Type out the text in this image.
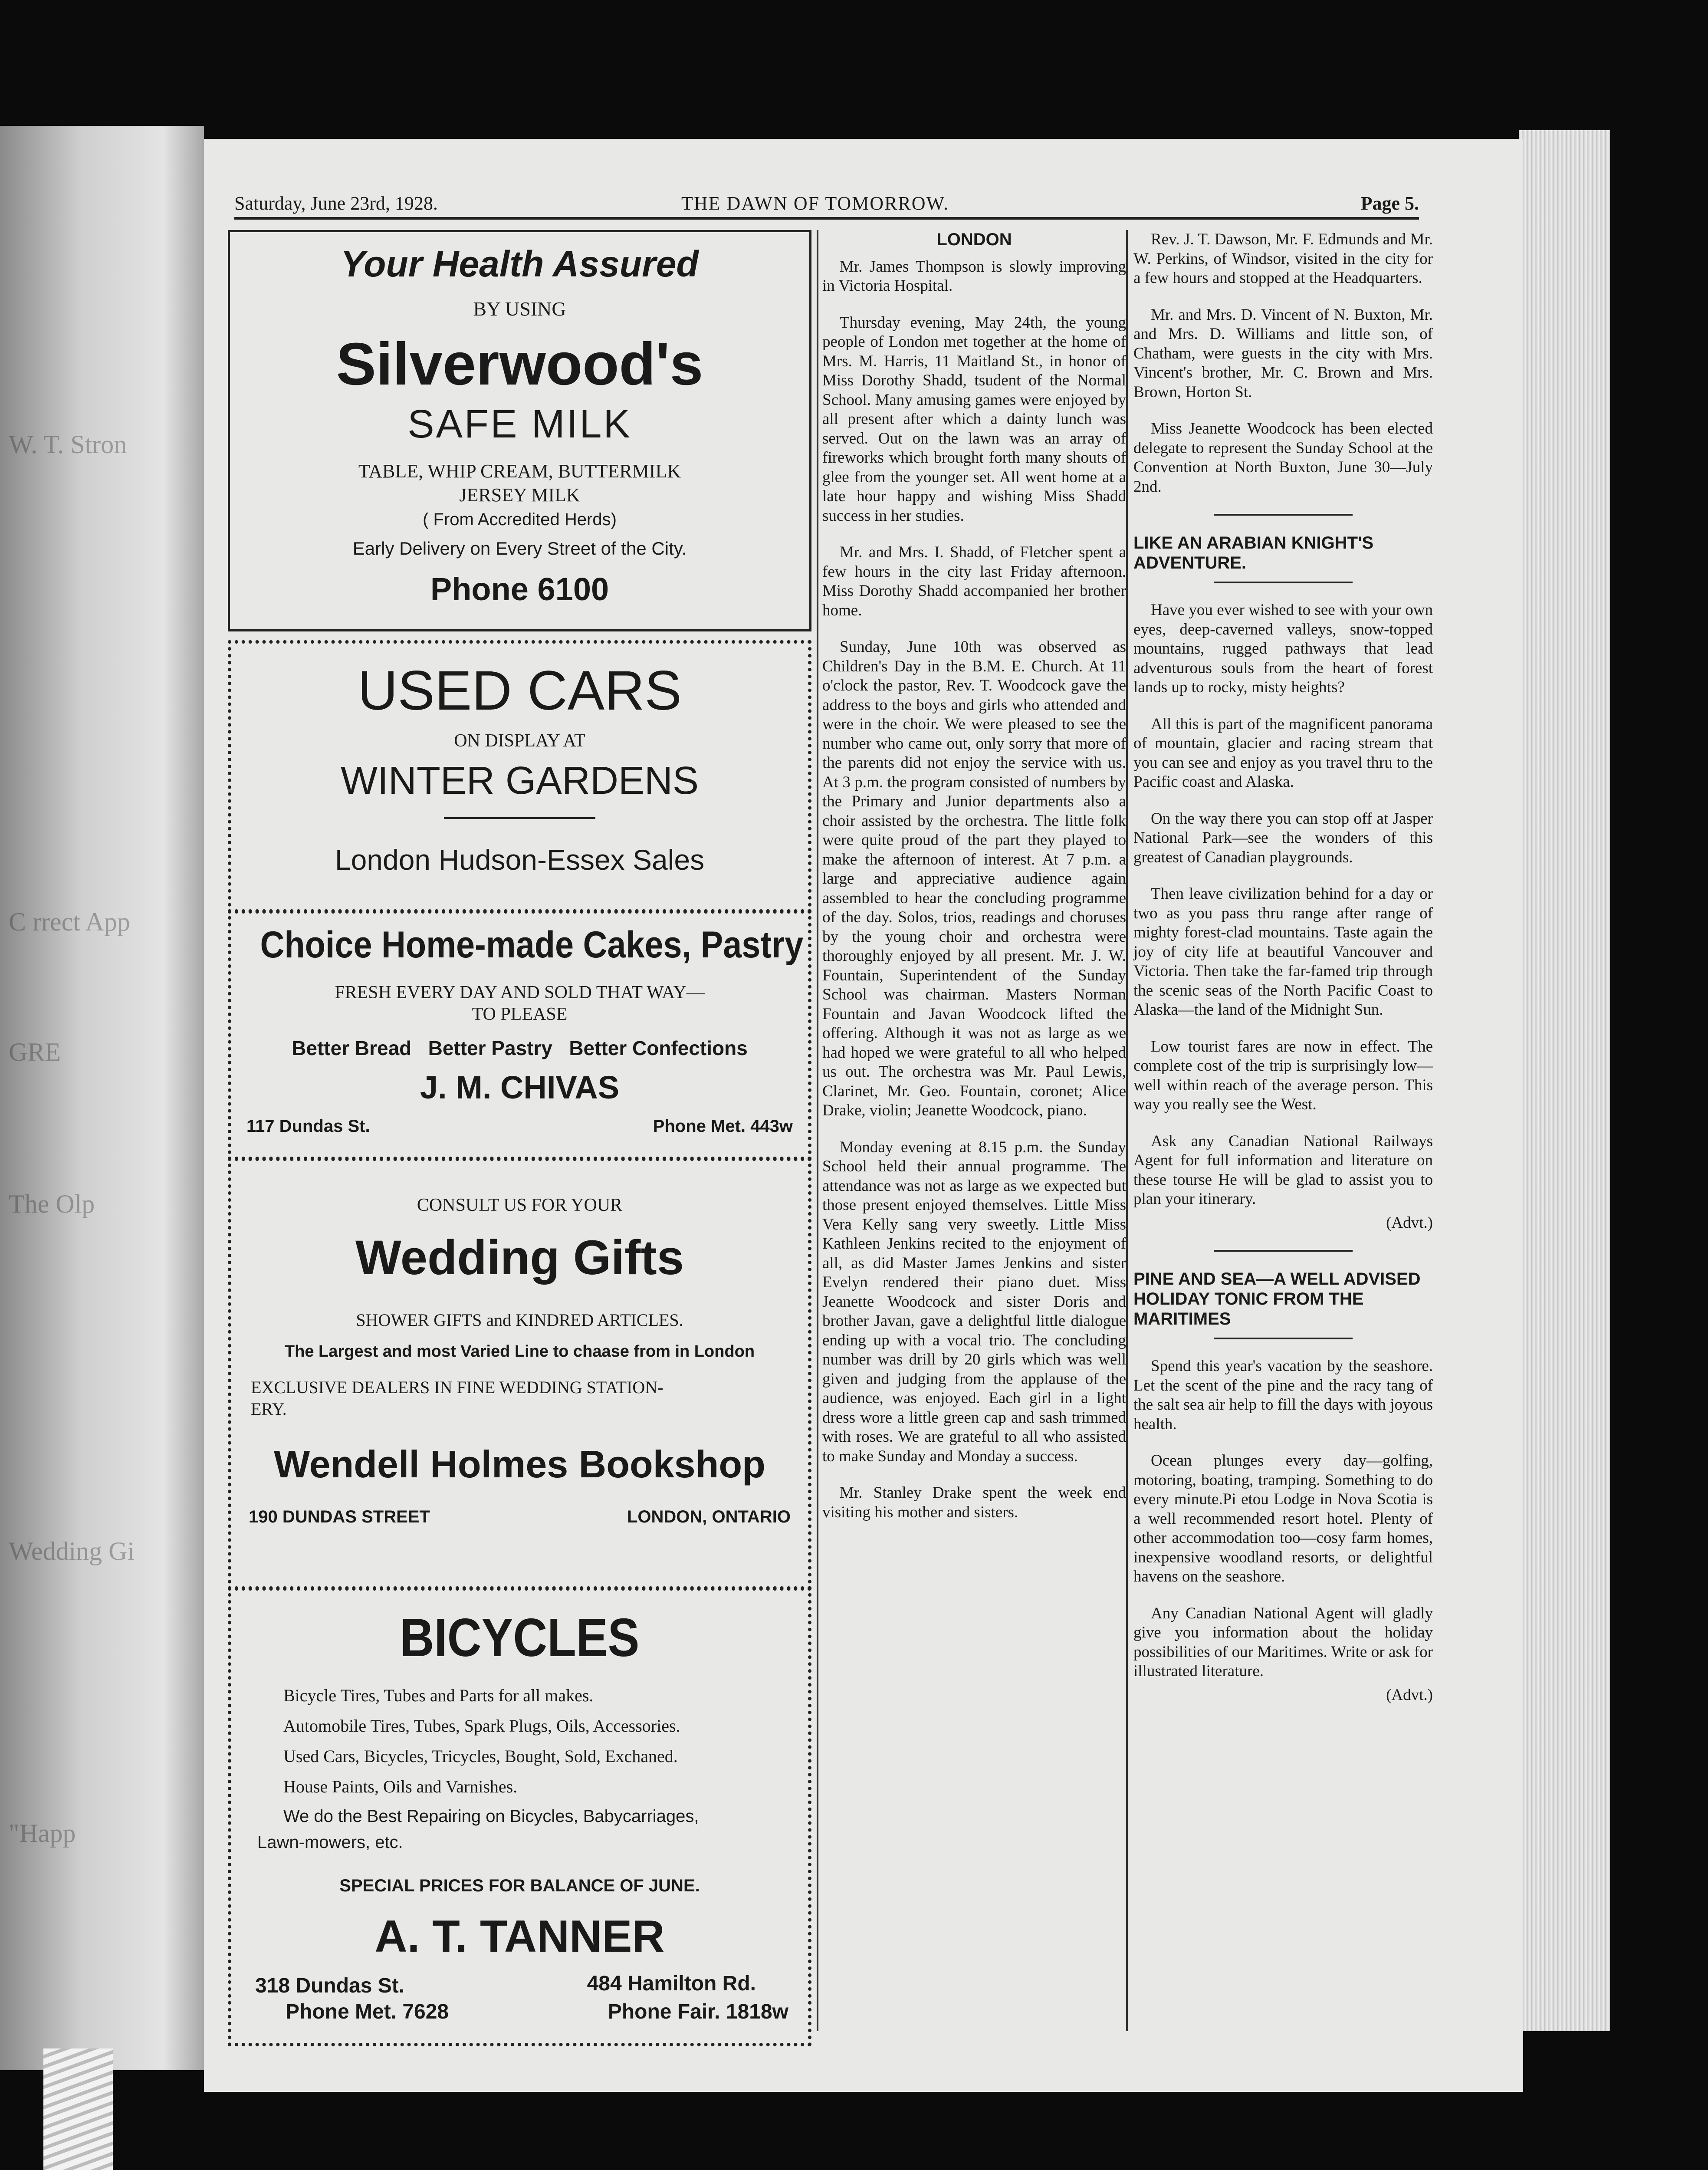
W. T. Stron
C rrect App
GRE
The Olp
Wedding Gi
"Happ
Saturday, June 23rd, 1928.	THE DAWN OF TOMORROW.	Page 5.
Your Health Assured
BY USING
Silverwood's
SAFE MILK
TABLE, WHIP CREAM, BUTTERMILK
JERSEY MILK
( From Accredited Herds)
Early Delivery on Every Street of the City.
Phone 6100
USED CARS
ON DISPLAY AT
WINTER GARDENS
London Hudson-Essex Sales
Choice Home-made Cakes, Pastry
FRESH EVERY DAY AND SOLD THAT WAY—
TO PLEASE
Better Bread   Better Pastry   Better Confections
J. M. CHIVAS
117 Dundas St.	Phone Met. 443w
CONSULT US FOR YOUR
Wedding Gifts
SHOWER GIFTS and KINDRED ARTICLES.
The Largest and most Varied Line to chaase from in London
EXCLUSIVE DEALERS IN FINE WEDDING STATION-
ERY.
Wendell Holmes Bookshop
190 DUNDAS STREET	LONDON, ONTARIO
BICYCLES
Bicycle Tires, Tubes and Parts for all makes.
Automobile Tires, Tubes, Spark Plugs, Oils, Accessories.
Used Cars, Bicycles, Tricycles, Bought, Sold, Exchaned.
House Paints, Oils and Varnishes.
We do the Best Repairing on Bicycles, Babycarriages,
Lawn-mowers, etc.
SPECIAL PRICES FOR BALANCE OF JUNE.
A. T. TANNER
318 Dundas St.
Phone Met. 7628
484 Hamilton Rd.
Phone Fair. 1818w
LONDON

Mr. James Thompson is slowly improving in Victoria Hospital.

Thursday evening, May 24th, the young people of London met together at the home of Mrs. M. Harris, 11 Maitland St., in honor of Miss Dorothy Shadd, tsudent of the Normal School. Many amusing games were enjoyed by all present after which a dainty lunch was served. Out on the lawn was an array of fireworks which brought forth many shouts of glee from the younger set. All went home at a late hour happy and wishing Miss Shadd success in her studies.

Mr. and Mrs. I. Shadd, of Fletcher spent a few hours in the city last Friday afternoon. Miss Dorothy Shadd accompanied her brother home.

Sunday, June 10th was observed as Children's Day in the B.M. E. Church. At 11 o'clock the pastor, Rev. T. Woodcock gave the address to the boys and girls who attended and were in the choir. We were pleased to see the number who came out, only sorry that more of the parents did not enjoy the service with us. At 3 p.m. the program consisted of numbers by the Primary and Junior departments also a choir assisted by the orchestra. The little folk were quite proud of the part they played to make the afternoon of interest. At 7 p.m. a large and appreciative audience again assembled to hear the concluding programme of the day. Solos, trios, readings and choruses by the young choir and orchestra were thoroughly enjoyed by all present. Mr. J. W. Fountain, Superintendent of the Sunday School was chairman. Masters Norman Fountain and Javan Woodcock lifted the offering. Although it was not as large as we had hoped we were grateful to all who helped us out. The orchestra was Mr. Paul Lewis, Clarinet, Mr. Geo. Fountain, coronet; Alice Drake, violin; Jeanette Woodcock, piano.

Monday evening at 8.15 p.m. the Sunday School held their annual programme. The attendance was not as large as we expected but those present enjoyed themselves. Little Miss Vera Kelly sang very sweetly. Little Miss Kathleen Jenkins recited to the enjoyment of all, as did Master James Jenkins and sister Evelyn rendered their piano duet. Miss Jeanette Woodcock and sister Doris and brother Javan, gave a delightful little dialogue ending up with a vocal trio. The concluding number was drill by 20 girls which was well given and judging from the applause of the audience, was enjoyed. Each girl in a light dress wore a little green cap and sash trimmed with roses. We are grateful to all who assisted to make Sunday and Monday a success.

Mr. Stanley Drake spent the week end visiting his mother and sisters.

Rev. J. T. Dawson, Mr. F. Edmunds and Mr. W. Perkins, of Windsor, visited in the city for a few hours and stopped at the Headquarters.

Mr. and Mrs. D. Vincent of N. Buxton, Mr. and Mrs. D. Williams and little son, of Chatham, were guests in the city with Mrs. Vincent's brother, Mr. C. Brown and Mrs. Brown, Horton St.

Miss Jeanette Woodcock has been elected delegate to represent the Sunday School at the Convention at North Buxton, June 30—July 2nd.

LIKE AN ARABIAN KNIGHT'S ADVENTURE.

Have you ever wished to see with your own eyes, deep-caverned valleys, snow-topped mountains, rugged pathways that lead adventurous souls from the heart of forest lands up to rocky, misty heights?

All this is part of the magnificent panorama of mountain, glacier and racing stream that you can see and enjoy as you travel thru to the Pacific coast and Alaska.

On the way there you can stop off at Jasper National Park—see the wonders of this greatest of Canadian playgrounds.

Then leave civilization behind for a day or two as you pass thru range after range of mighty forest-clad mountains. Taste again the joy of city life at beautiful Vancouver and Victoria. Then take the far-famed trip through the scenic seas of the North Pacific Coast to Alaska—the land of the Midnight Sun.

Low tourist fares are now in effect. The complete cost of the trip is surprisingly low—well within reach of the average person. This way you really see the West.

Ask any Canadian National Railways Agent for full information and literature on these tourse He will be glad to assist you to plan your itinerary.

(Advt.)

PINE AND SEA—A WELL ADVISED HOLIDAY TONIC FROM THE MARITIMES

Spend this year's vacation by the seashore. Let the scent of the pine and the racy tang of the salt sea air help to fill the days with joyous health.

Ocean plunges every day—golfing, motoring, boating, tramping. Something to do every minute.Pi etou Lodge in Nova Scotia is a well recommended resort hotel. Plenty of other accommodation too—cosy farm homes, inexpensive woodland resorts, or delightful havens on the seashore.

Any Canadian National Agent will gladly give you information about the holiday possibilities of our Maritimes. Write or ask for illustrated literature.

(Advt.)
